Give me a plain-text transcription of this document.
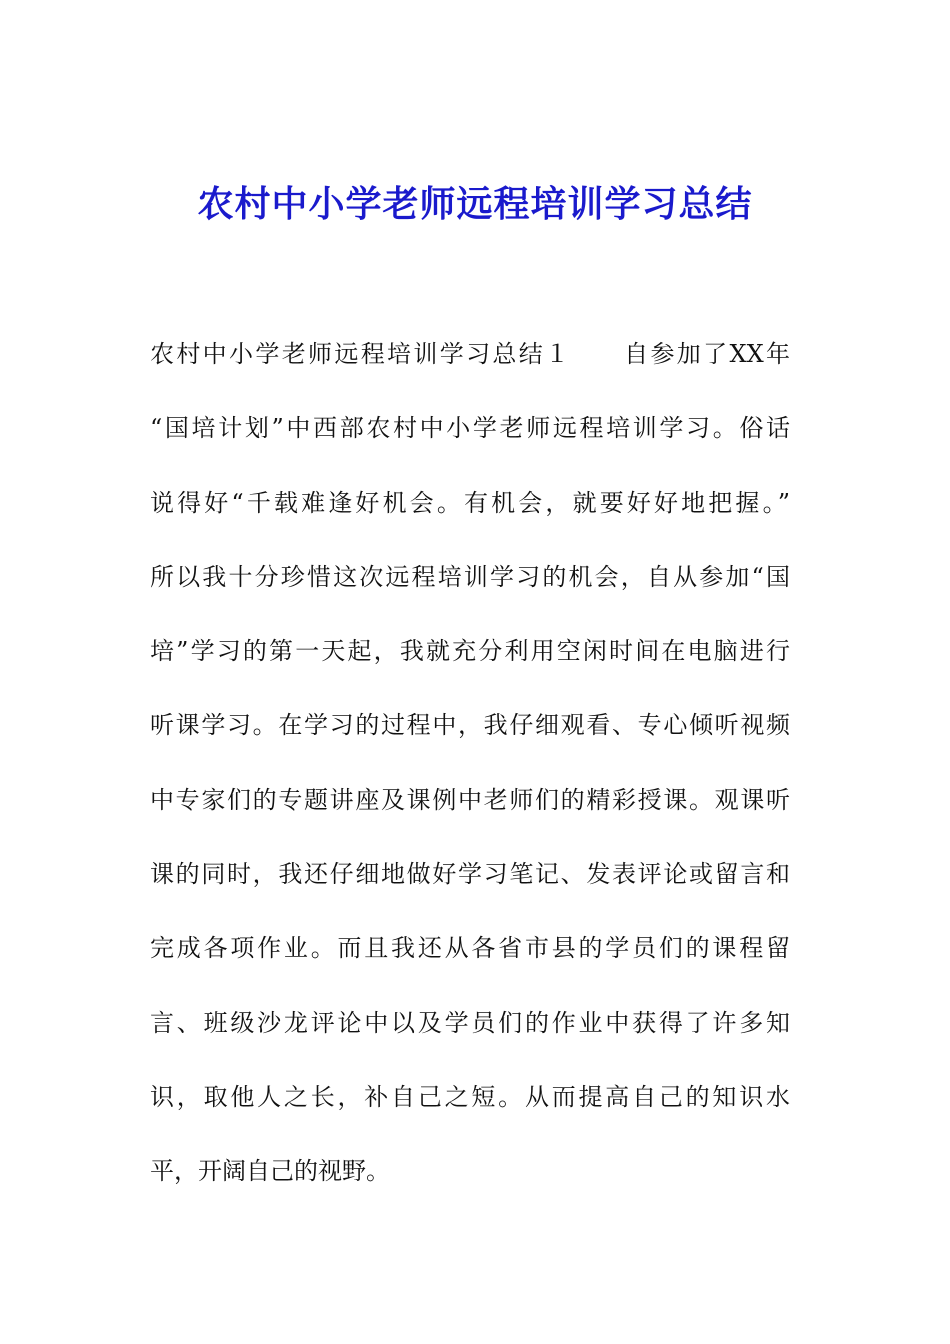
农村中小学老师远程培训学习总结
农村中小学老师远程培训学习总结１　　自参加了XX年
“国培计划”中西部农村中小学老师远程培训学习。俗话
说得好“千载难逢好机会。有机会，就要好好地把握。”
所以我十分珍惜这次远程培训学习的机会，自从参加“国
培”学习的第一天起，我就充分利用空闲时间在电脑进行
听课学习。在学习的过程中，我仔细观看、专心倾听视频
中专家们的专题讲座及课例中老师们的精彩授课。观课听
课的同时，我还仔细地做好学习笔记、发表评论或留言和
完成各项作业。而且我还从各省市县的学员们的课程留
言、班级沙龙评论中以及学员们的作业中获得了许多知
识，取他人之长，补自己之短。从而提高自己的知识水
平，开阔自己的视野。
